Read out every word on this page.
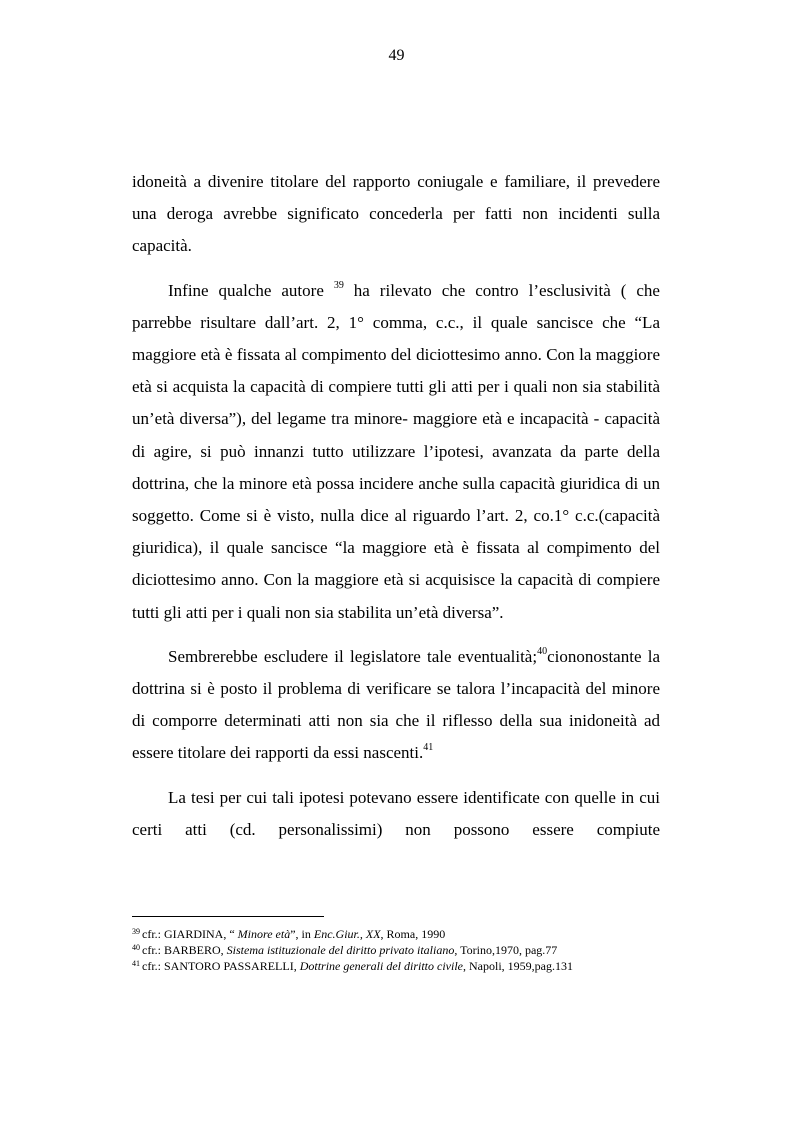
49

idoneità a divenire titolare del rapporto coniugale e familiare, il prevedere una deroga avrebbe significato concederla per fatti non incidenti sulla capacità.

Infine qualche autore $^{39}$ ha rilevato che contro l’esclusività ( che parrebbe risultare dall’art. 2, 1° comma, c.c., il quale sancisce che “La maggiore età è fissata al compimento del diciottesimo anno. Con la maggiore età si acquista la capacità di compiere tutti gli atti per i quali non sia stabilità un’età diversa”), del legame tra minore- maggiore età e incapacità - capacità di agire, si può innanzi tutto utilizzare l’ipotesi, avanzata da parte della dottrina, che la minore età possa incidere anche sulla capacità giuridica di un soggetto. Come si è visto, nulla dice al riguardo l’art. 2, co.1° c.c.(capacità giuridica), il quale sancisce “la maggiore età è fissata al compimento del diciottesimo anno. Con la maggiore età si acquisisce la capacità di compiere tutti gli atti per i quali non sia stabilita un’età diversa”.

Sembrerebbe escludere il legislatore tale eventualità;$^{40}$ciononostante la dottrina si è posto il problema di verificare se talora l’incapacità del minore di comporre determinati atti non sia che il riflesso della sua inidoneità ad essere titolare dei rapporti da essi nascenti.$^{41}$

La tesi per cui tali ipotesi potevano essere identificate con quelle in cui certi atti (cd. personalissimi) non possono essere compiute

$^{39}$ cfr.: GIARDINA, “ Minore età”, in Enc.Giur., XX, Roma, 1990
$^{40}$ cfr.: BARBERO, Sistema istituzionale del diritto privato italiano, Torino,1970, pag.77
$^{41}$ cfr.: SANTORO PASSARELLI, Dottrine generali del diritto civile, Napoli, 1959,pag.131
